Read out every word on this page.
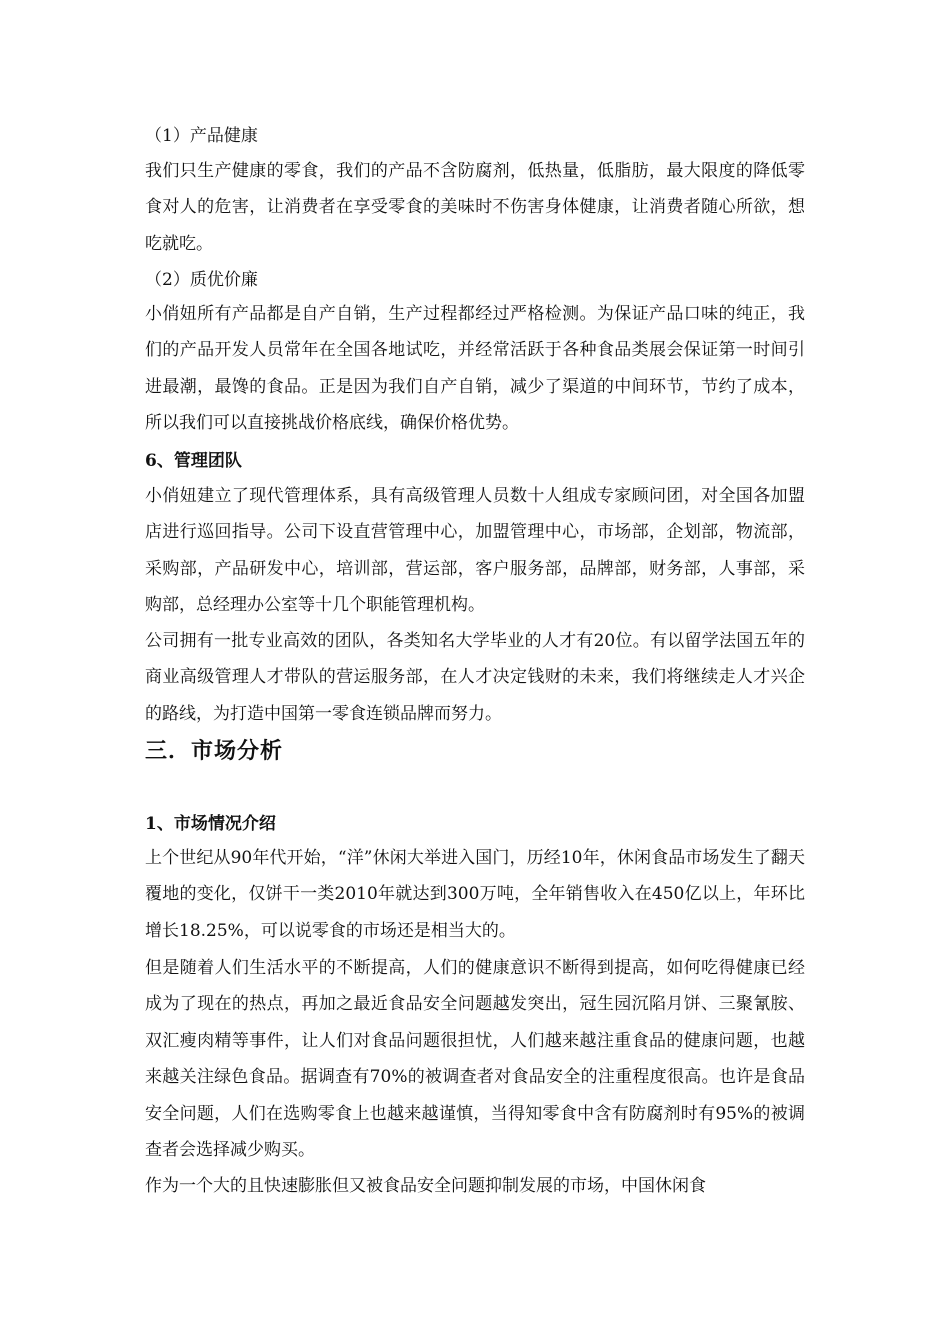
（1）产品健康

我们只生产健康的零食，我们的产品不含防腐剂，低热量，低脂肪，最大限度的降低零食对人的危害，让消费者在享受零食的美味时不伤害身体健康，让消费者随心所欲，想吃就吃。

（2）质优价廉

小俏妞所有产品都是自产自销，生产过程都经过严格检测。为保证产品口味的纯正，我们的产品开发人员常年在全国各地试吃，并经常活跃于各种食品类展会保证第一时间引进最潮，最馋的食品。正是因为我们自产自销，减少了渠道的中间环节，节约了成本，所以我们可以直接挑战价格底线，确保价格优势。

6、管理团队

小俏妞建立了现代管理体系，具有高级管理人员数十人组成专家顾问团，对全国各加盟店进行巡回指导。公司下设直营管理中心，加盟管理中心，市场部，企划部，物流部，采购部，产品研发中心，培训部，营运部，客户服务部，品牌部，财务部，人事部，采购部，总经理办公室等十几个职能管理机构。

公司拥有一批专业高效的团队，各类知名大学毕业的人才有20位。有以留学法国五年的商业高级管理人才带队的营运服务部，在人才决定钱财的未来，我们将继续走人才兴企的路线，为打造中国第一零食连锁品牌而努力。

三．市场分析

1、市场情况介绍

上个世纪从90年代开始，“洋”休闲大举进入国门，历经10年，休闲食品市场发生了翻天覆地的变化，仅饼干一类2010年就达到300万吨，全年销售收入在450亿以上，年环比增长18.25%，可以说零食的市场还是相当大的。

但是随着人们生活水平的不断提高，人们的健康意识不断得到提高，如何吃得健康已经成为了现在的热点，再加之最近食品安全问题越发突出，冠生园沉陷月饼、三聚氰胺、双汇瘦肉精等事件，让人们对食品问题很担忧，人们越来越注重食品的健康问题，也越来越关注绿色食品。据调查有70%的被调查者对食品安全的注重程度很高。也许是食品安全问题，人们在选购零食上也越来越谨慎，当得知零食中含有防腐剂时有95%的被调查者会选择减少购买。

作为一个大的且快速膨胀但又被食品安全问题抑制发展的市场，中国休闲食
